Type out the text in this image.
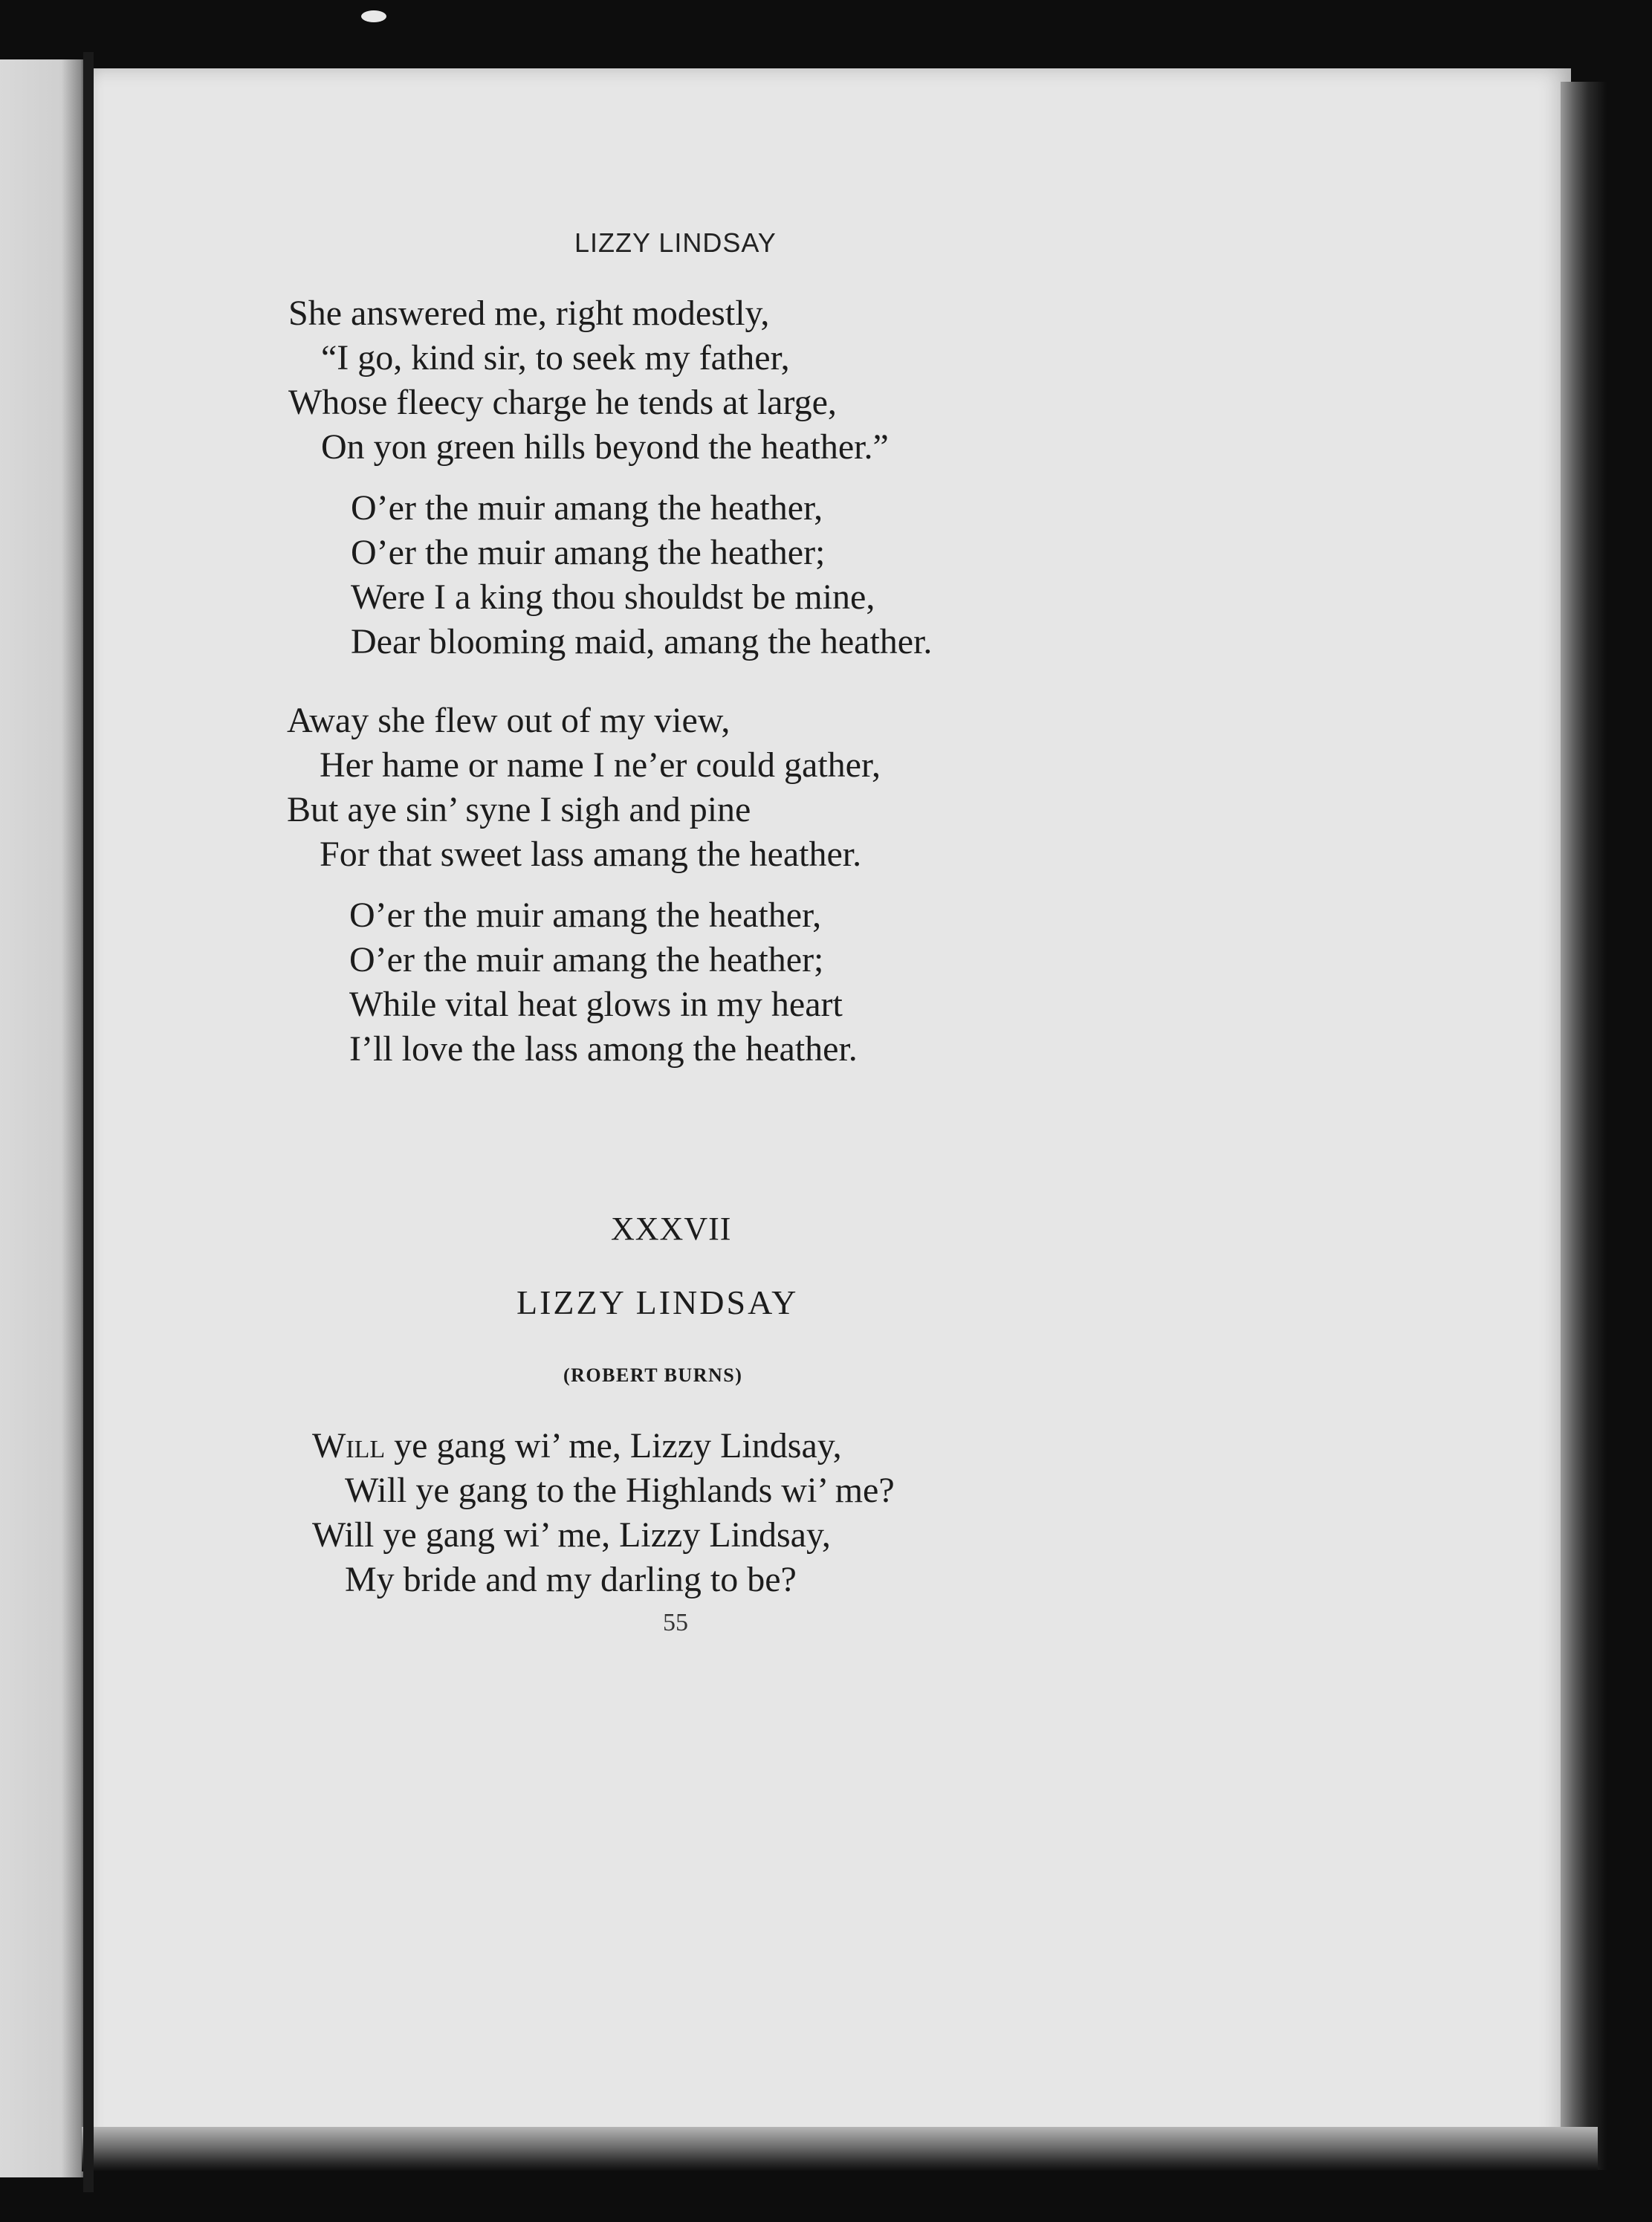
LIZZY LINDSAY

She answered me, right modestly,
“I go, kind sir, to seek my father,
Whose fleecy charge he tends at large,
On yon green hills beyond the heather.”
O’er the muir amang the heather,
O’er the muir amang the heather;
Were I a king thou shouldst be mine,
Dear blooming maid, amang the heather.
Away she flew out of my view,
Her hame or name I ne’er could gather,
But aye sin’ syne I sigh and pine
For that sweet lass amang the heather.
O’er the muir amang the heather,
O’er the muir amang the heather;
While vital heat glows in my heart
I’ll love the lass among the heather.

XXXVII

LIZZY LINDSAY

(ROBERT BURNS)

Will ye gang wi’ me, Lizzy Lindsay,
Will ye gang to the Highlands wi’ me?
Will ye gang wi’ me, Lizzy Lindsay,
My bride and my darling to be?

55
